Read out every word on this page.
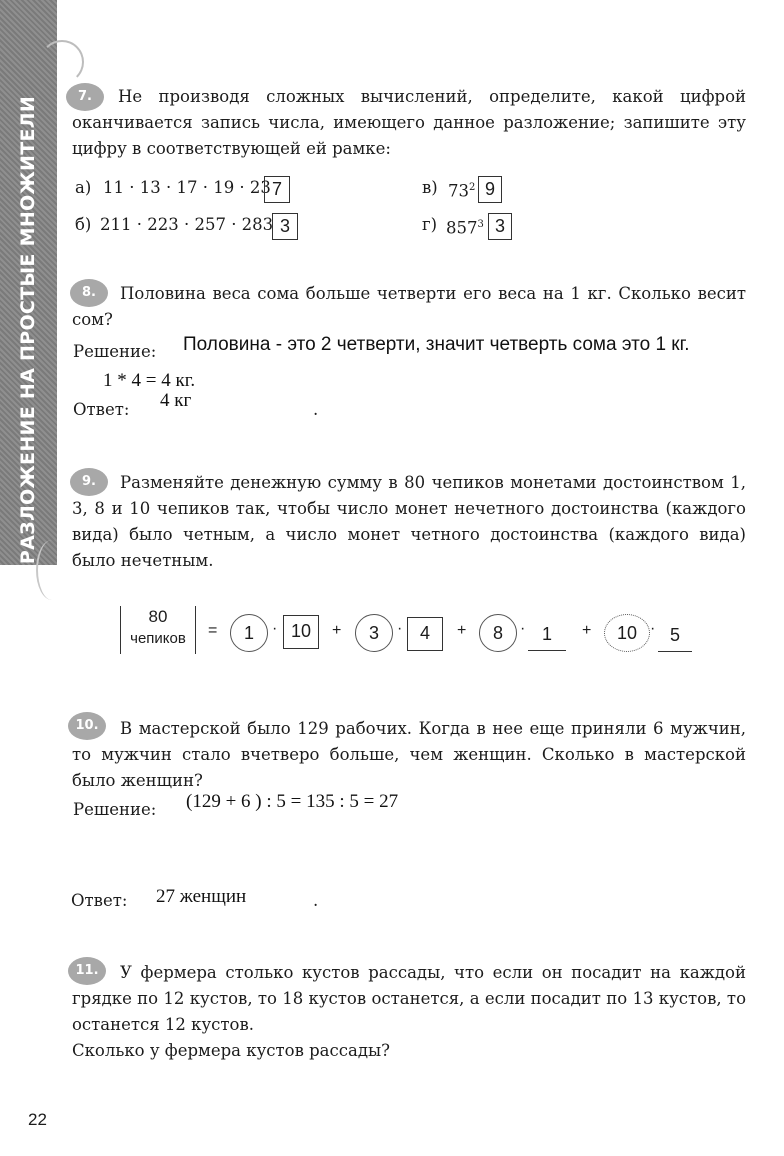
РАЗЛОЖЕНИЕ НА ПРОСТЫЕ МНОЖИТЕЛИ	7.	Не производя сложных вычислений, определите, какой цифрой оканчивается запись числа, имеющего данное разложение; запишите эту цифру в соответствующей ей рамке:
а) 11 · 13 · 17 · 19 · 23 7
б) 211 · 223 · 257 · 283 3
в) $73^2$ 9
г) $857^3$ 3
8.	Половина веса сома больше четверти его веса на 1 кг. Сколько весит сом?
Решение: Половина - это 2 четверти, значит четверть сома это 1 кг.
1 * 4 = 4 кг.
Ответ: 4 кг	.
9.	Разменяйте денежную сумму в 80 чепиков монетами достоинством 1, 3, 8 и 10 чепиков так, чтобы число монет нечетного достоинства (каждого вида) было четным, а число монет четного достоинства (каждого вида) было нечетным.
80
чепиков	=	1	· 10	+	3	· 4	+	8	· 1	+	10 · 5
10.	В мастерской было 129 рабочих. Когда в нее еще приняли 6 мужчин, то мужчин стало вчетверо больше, чем женщин. Сколько в мастерской было женщин?
Решение: (129 + 6 ) : 5 = 135 : 5 = 27
Ответ: 27 женщин	.
11.	У фермера столько кустов рассады, что если он посадит на каждой грядке по 12 кустов, то 18 кустов останется, а если посадит по 13 кустов, то останется 12 кустов.
Сколько у фермера кустов рассады?
22
